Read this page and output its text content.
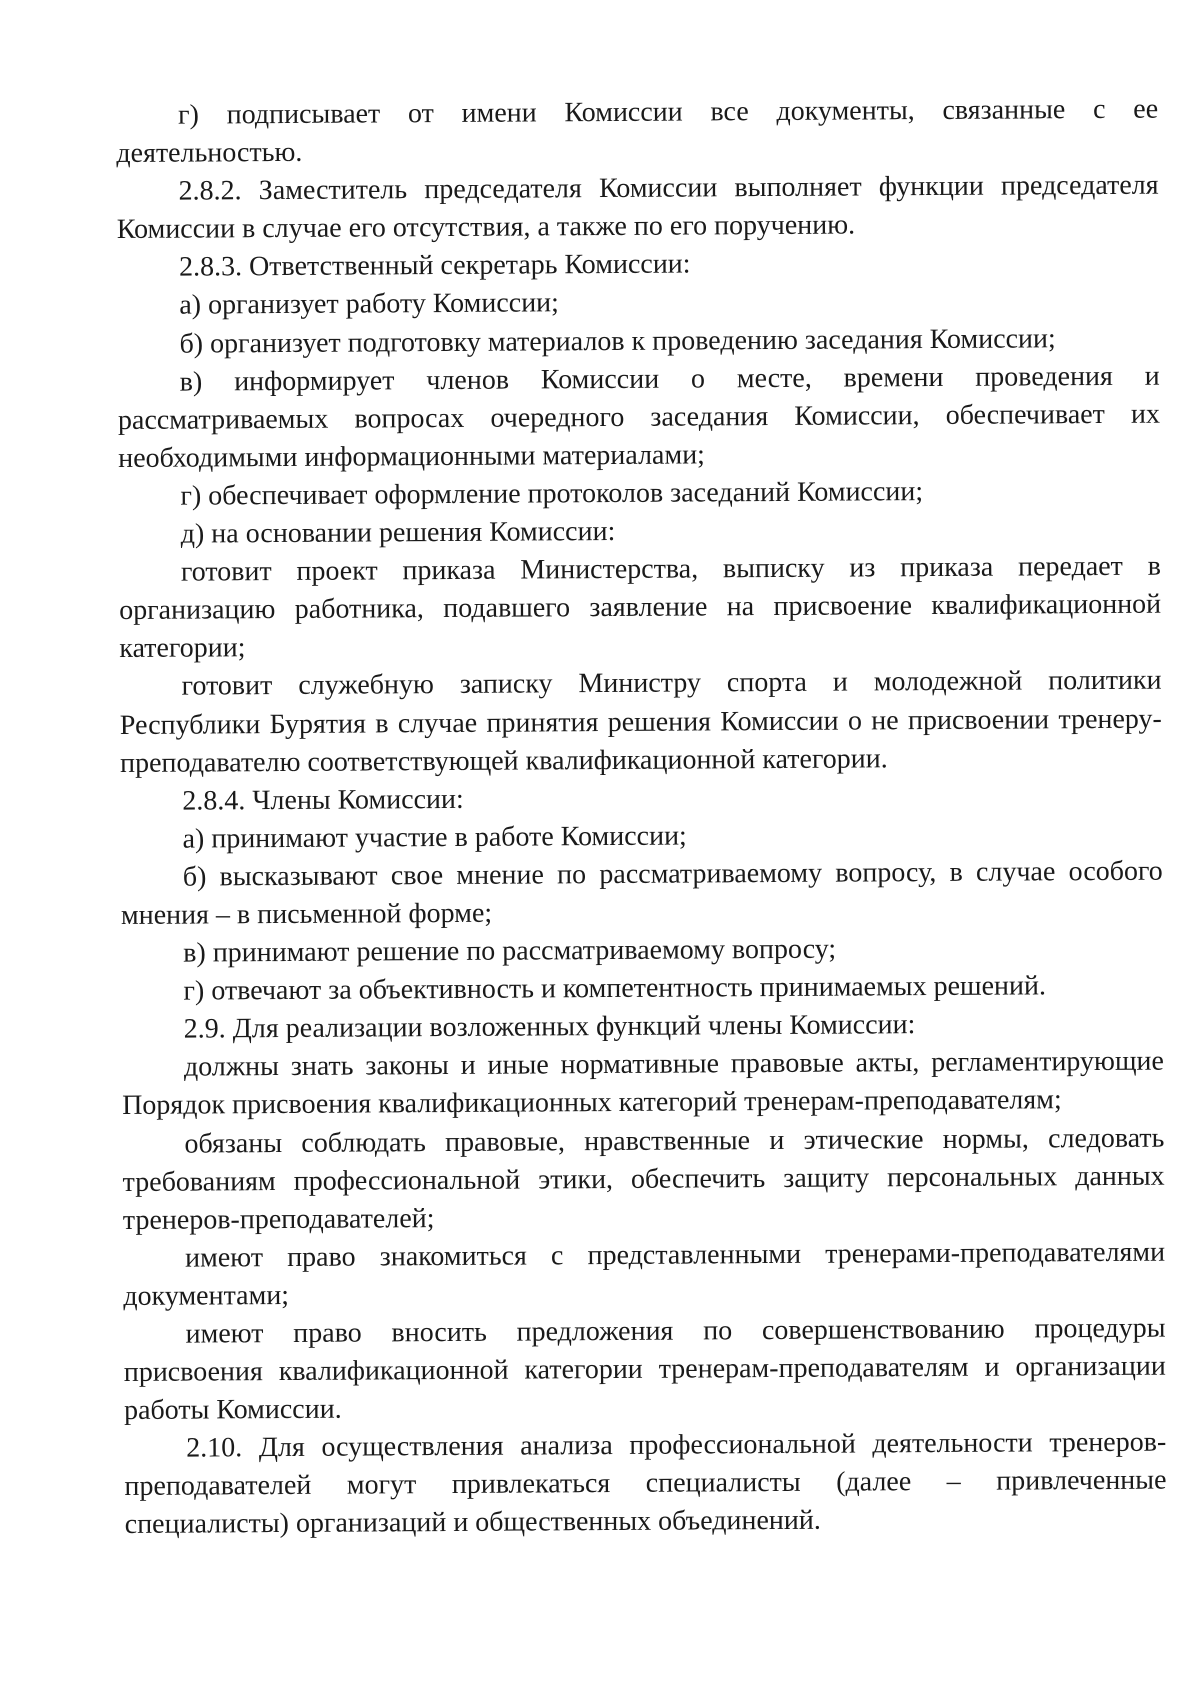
г) подписывает от имени Комиссии все документы, связанные с ее деятельностью.

2.8.2. Заместитель председателя Комиссии выполняет функции председателя Комиссии в случае его отсутствия, а также по его поручению.

2.8.3. Ответственный секретарь Комиссии:

а) организует работу Комиссии;

б) организует подготовку материалов к проведению заседания Комиссии;

в) информирует членов Комиссии о месте, времени проведения и рассматриваемых вопросах очередного заседания Комиссии, обеспечивает их необходимыми информационными материалами;

г) обеспечивает оформление протоколов заседаний Комиссии;

д) на основании решения Комиссии:

готовит проект приказа Министерства, выписку из приказа передает в организацию работника, подавшего заявление на присвоение квалификационной категории;

готовит служебную записку Министру спорта и молодежной политики Республики Бурятия в случае принятия решения Комиссии о не присвоении тренеру-преподавателю соответствующей квалификационной категории.

2.8.4. Члены Комиссии:

а) принимают участие в работе Комиссии;

б) высказывают свое мнение по рассматриваемому вопросу, в случае особого мнения – в письменной форме;

в) принимают решение по рассматриваемому вопросу;

г) отвечают за объективность и компетентность принимаемых решений.

2.9. Для реализации возложенных функций члены Комиссии:

должны знать законы и иные нормативные правовые акты, регламентирующие Порядок присвоения квалификационных категорий тренерам-преподавателям;

обязаны соблюдать правовые, нравственные и этические нормы, следовать требованиям профессиональной этики, обеспечить защиту персональных данных тренеров-преподавателей;

имеют право знакомиться с представленными тренерами-преподавателями документами;

имеют право вносить предложения по совершенствованию процедуры присвоения квалификационной категории тренерам-преподавателям и организации работы Комиссии.

2.10. Для осуществления анализа профессиональной деятельности тренеров-преподавателей могут привлекаться специалисты (далее – привлеченные специалисты) организаций и общественных объединений.
